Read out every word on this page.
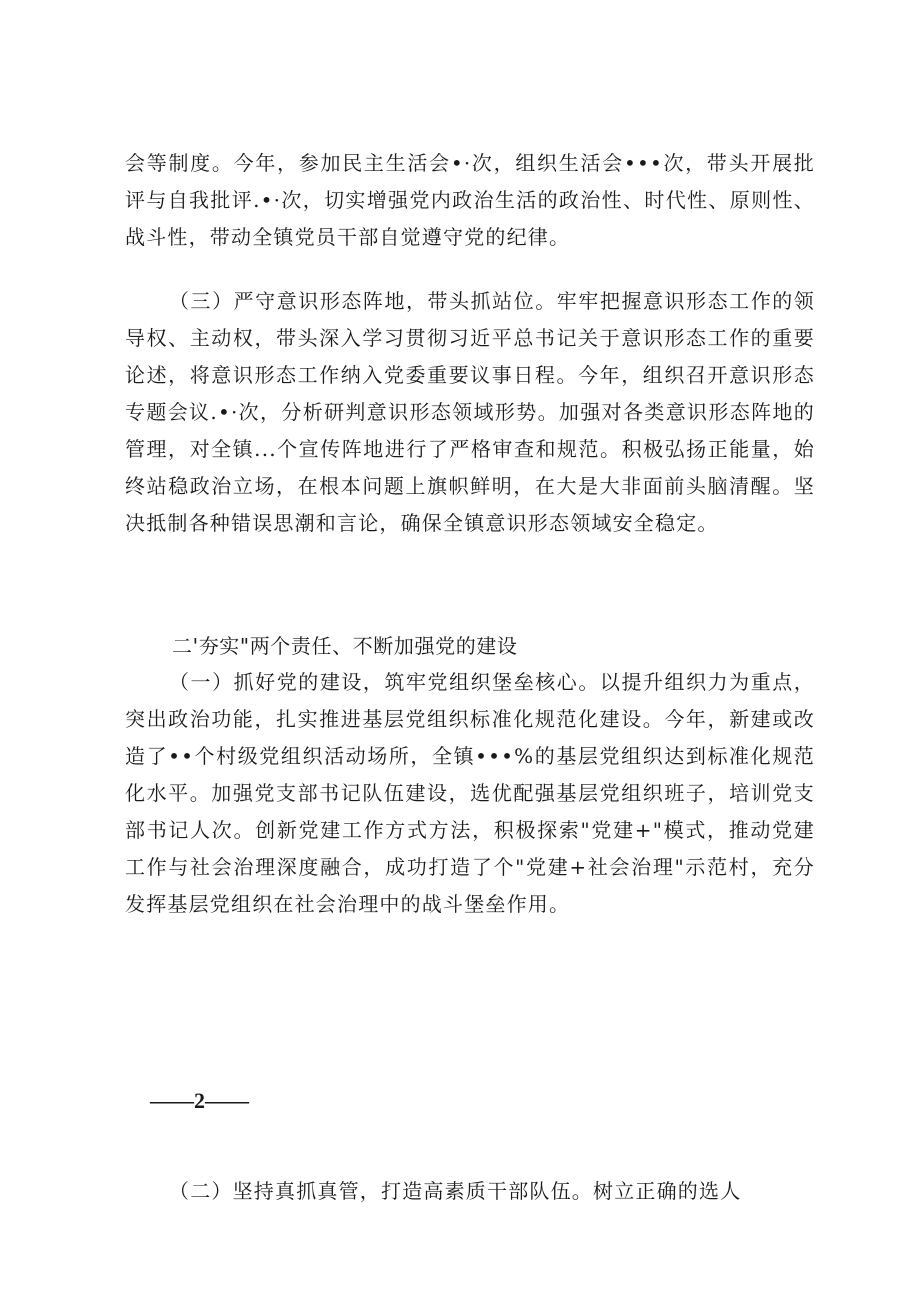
会等制度。今年，参加民主生活会•·次，组织生活会•••次，带头开展批评与自我批评.•·次，切实增强党内政治生活的政治性、时代性、原则性、战斗性，带动全镇党员干部自觉遵守党的纪律。

（三）严守意识形态阵地，带头抓站位。牢牢把握意识形态工作的领导权、主动权，带头深入学习贯彻习近平总书记关于意识形态工作的重要论述，将意识形态工作纳入党委重要议事日程。今年，组织召开意识形态专题会议.•·次，分析研判意识形态领域形势。加强对各类意识形态阵地的管理，对全镇...个宣传阵地进行了严格审查和规范。积极弘扬正能量，始终站稳政治立场，在根本问题上旗帜鲜明，在大是大非面前头脑清醒。坚决抵制各种错误思潮和言论，确保全镇意识形态领域安全稳定。

二'夯实"两个责任、不断加强党的建设

（一）抓好党的建设，筑牢党组织堡垒核心。以提升组织力为重点，突出政治功能，扎实推进基层党组织标准化规范化建设。今年，新建或改造了••个村级党组织活动场所，全镇•••%的基层党组织达到标准化规范化水平。加强党支部书记队伍建设，选优配强基层党组织班子，培训党支部书记人次。创新党建工作方式方法，积极探索"党建+"模式，推动党建工作与社会治理深度融合，成功打造了个"党建+社会治理"示范村，充分发挥基层党组织在社会治理中的战斗堡垒作用。

——2——

（二）坚持真抓真管，打造高素质干部队伍。树立正确的选人
